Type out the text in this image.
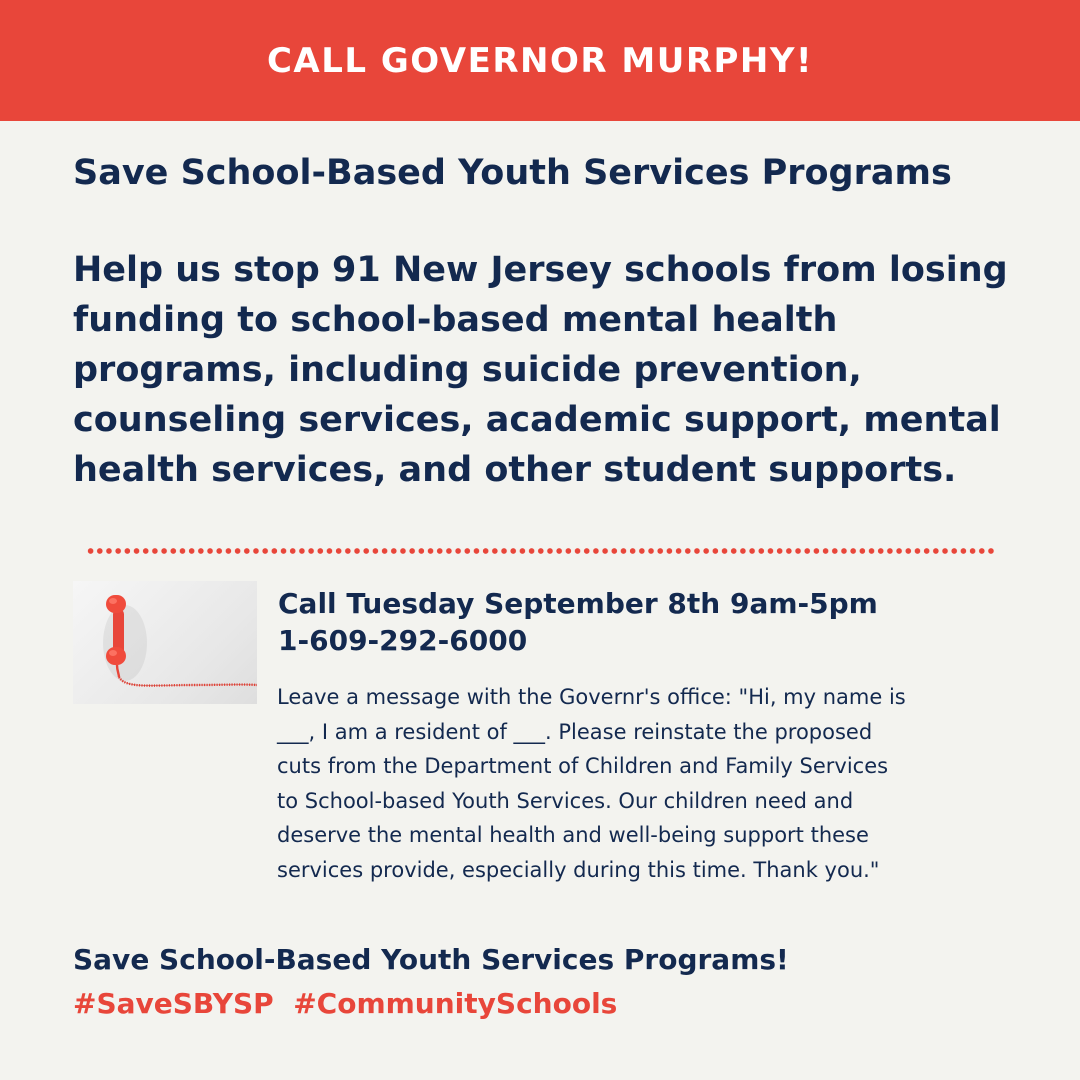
CALL GOVERNOR MURPHY!
Save School-Based Youth Services Programs
Help us stop 91 New Jersey schools from losing funding to school-based mental health programs, including suicide prevention, counseling services, academic support, mental health services, and other student supports.
Call Tuesday September 8th 9am-5pm
1-609-292-6000
Leave a message with the Governr's office: "Hi, my name is
___, I am a resident of ___. Please reinstate the proposed
cuts from the Department of Children and Family Services
to School-based Youth Services. Our children need and
deserve the mental health and well-being support these
services provide, especially during this time. Thank you."
Save School-Based Youth Services Programs!
#SaveSBYSP #CommunitySchools
